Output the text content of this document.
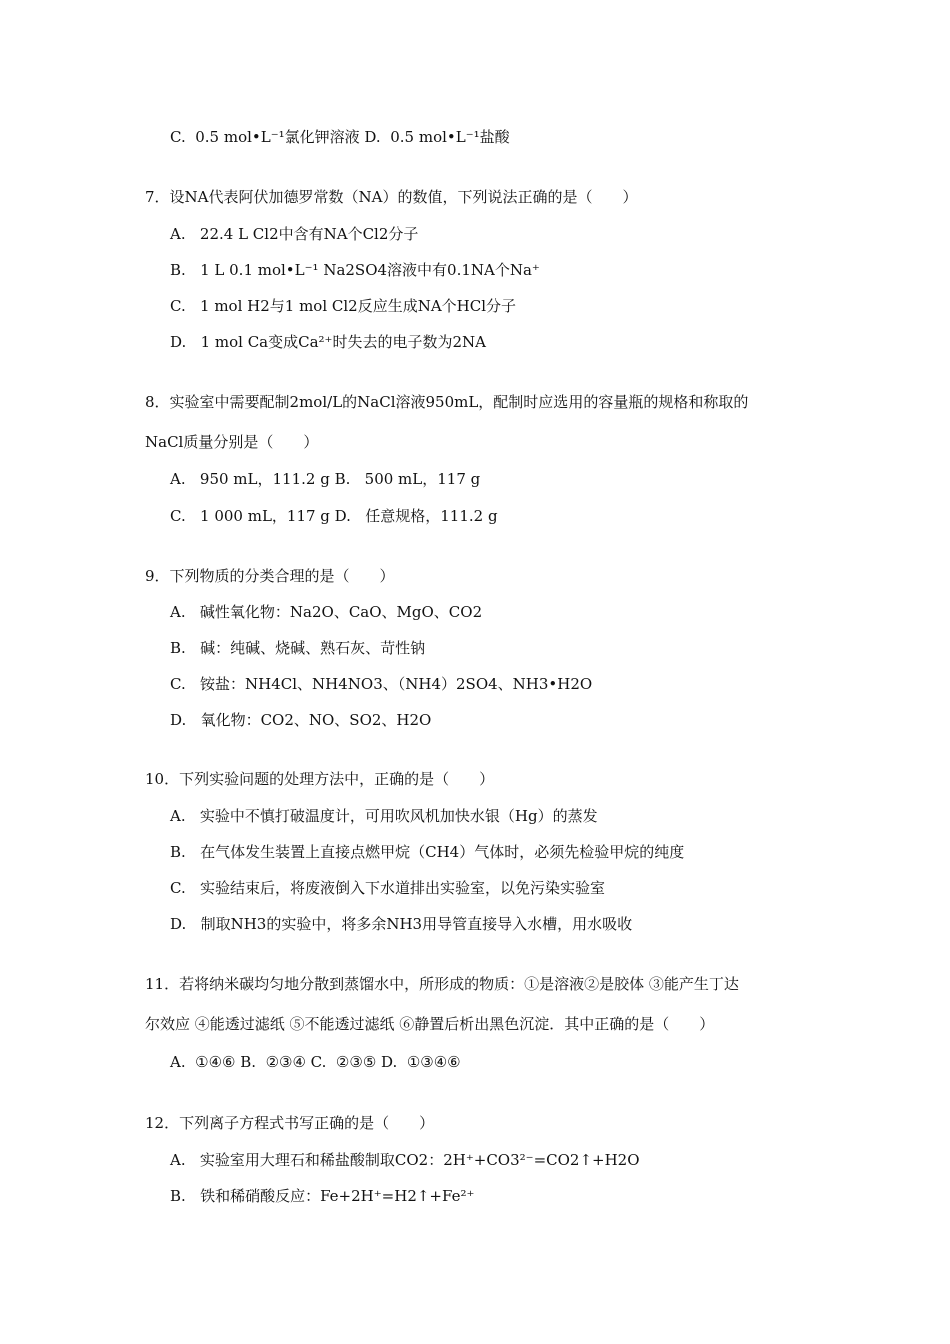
C.  0.5 mol•L⁻¹氯化钾溶液 D.  0.5 mol•L⁻¹盐酸
7．设NA代表阿伏加德罗常数（NA）的数值，下列说法正确的是（　　）
A.   22.4 L Cl2中含有NA个Cl2分子
B.   1 L 0.1 mol•L⁻¹ Na2SO4溶液中有0.1NA个Na⁺
C.   1 mol H2与1 mol Cl2反应生成NA个HCl分子
D.   1 mol Ca变成Ca²⁺时失去的电子数为2NA
8．实验室中需要配制2mol/L的NaCl溶液950mL，配制时应选用的容量瓶的规格和称取的
NaCl质量分别是（　　）
A.   950 mL，111.2 g B.   500 mL，117 g
C.   1 000 mL，117 g D.   任意规格，111.2 g
9．下列物质的分类合理的是（　　）
A.   碱性氧化物：Na2O、CaO、MgO、CO2
B.   碱：纯碱、烧碱、熟石灰、苛性钠
C.   铵盐：NH4Cl、NH4NO3、（NH4）2SO4、NH3•H2O
D.   氧化物：CO2、NO、SO2、H2O
10．下列实验问题的处理方法中，正确的是（　　）
A.   实验中不慎打破温度计，可用吹风机加快水银（Hg）的蒸发
B.   在气体发生装置上直接点燃甲烷（CH4）气体时，必须先检验甲烷的纯度
C.   实验结束后，将废液倒入下水道排出实验室，以免污染实验室
D.   制取NH3的实验中，将多余NH3用导管直接导入水槽，用水吸收
11．若将纳米碳均匀地分散到蒸馏水中，所形成的物质：①是溶液②是胶体 ③能产生丁达
尔效应 ④能透过滤纸 ⑤不能透过滤纸 ⑥静置后析出黑色沉淀．其中正确的是（　　）
A.  ①④⑥ B.  ②③④ C.  ②③⑤ D.  ①③④⑥
12．下列离子方程式书写正确的是（　　）
A.   实验室用大理石和稀盐酸制取CO2：2H⁺+CO3²⁻=CO2↑+H2O
B.   铁和稀硝酸反应：Fe+2H⁺=H2↑+Fe²⁺
